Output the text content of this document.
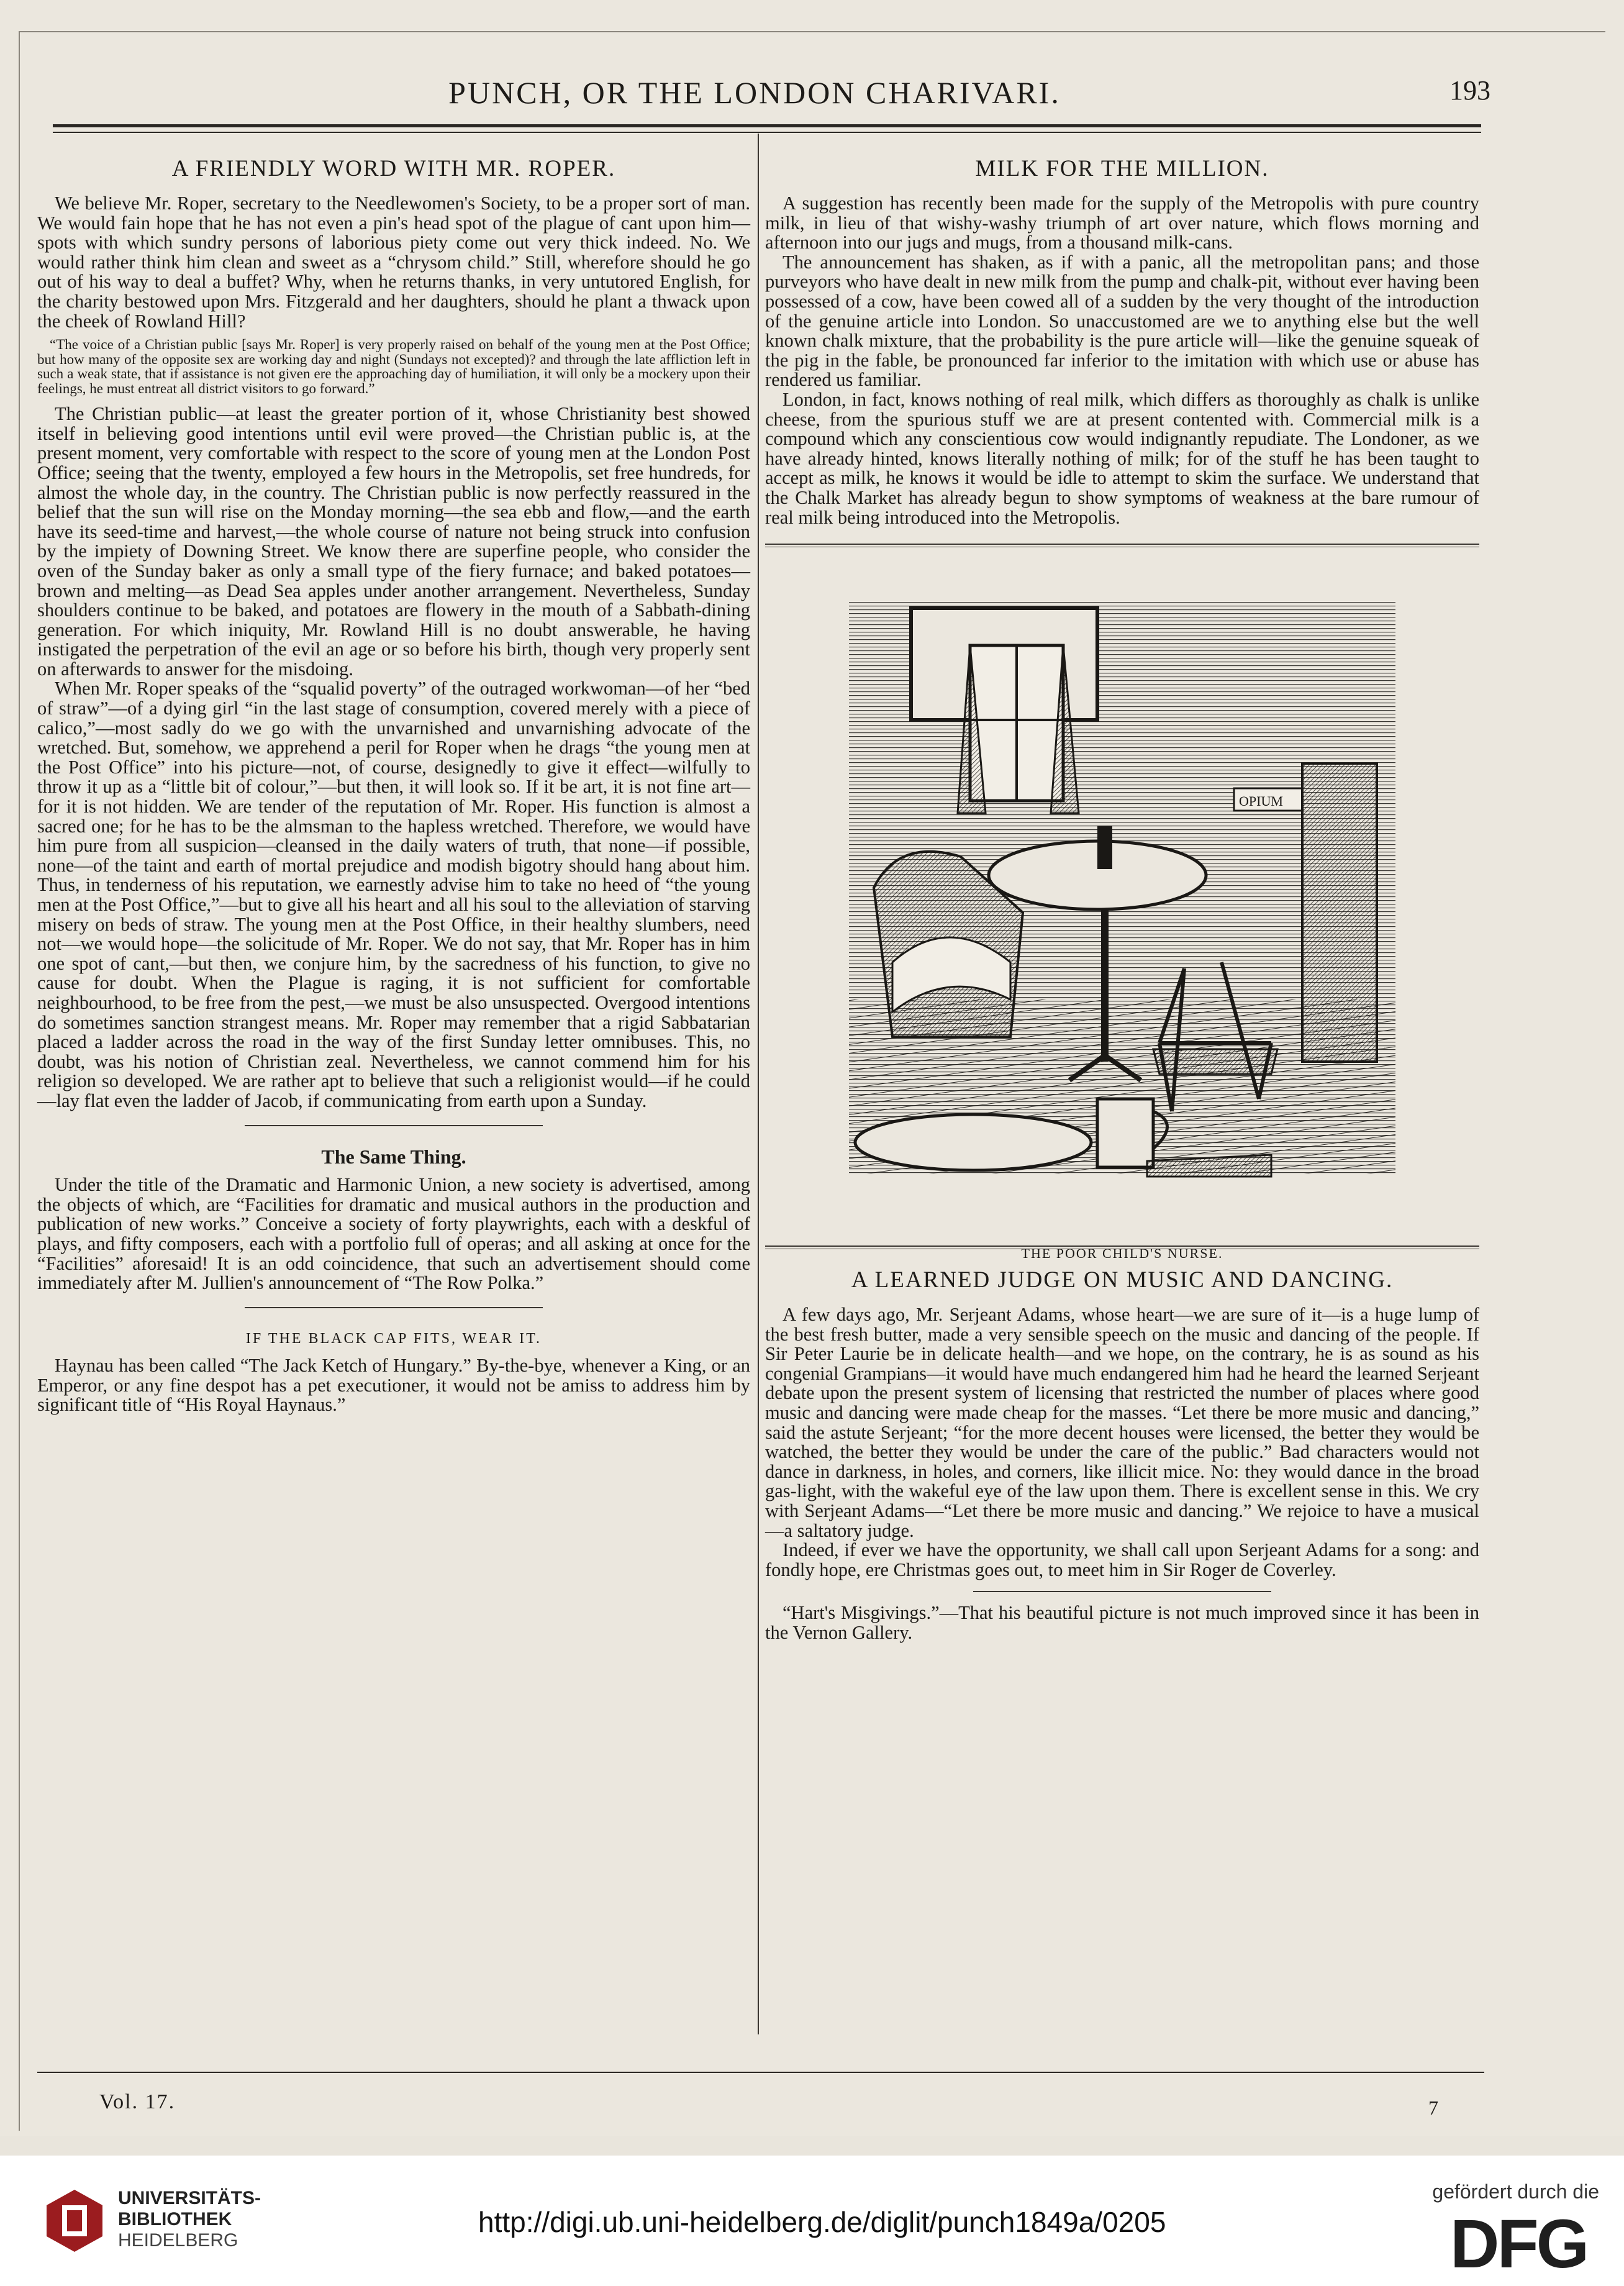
PUNCH, OR THE LONDON CHARIVARI.	193
A FRIENDLY WORD WITH MR. ROPER.

We believe Mr. Roper, secretary to the Needlewomen's Society, to be a proper sort of man. We would fain hope that he has not even a pin's head spot of the plague of cant upon him—spots with which sundry persons of laborious piety come out very thick indeed. No. We would rather think him clean and sweet as a “chrysom child.” Still, wherefore should he go out of his way to deal a buffet? Why, when he returns thanks, in very untutored English, for the charity bestowed upon Mrs. Fitzgerald and her daughters, should he plant a thwack upon the cheek of Rowland Hill?

“The voice of a Christian public [says Mr. Roper] is very properly raised on behalf of the young men at the Post Office; but how many of the opposite sex are working day and night (Sundays not excepted)? and through the late affliction left in such a weak state, that if assistance is not given ere the approaching day of humiliation, it will only be a mockery upon their feelings, he must entreat all district visitors to go forward.”

The Christian public—at least the greater portion of it, whose Christianity best showed itself in believing good intentions until evil were proved—the Christian public is, at the present moment, very comfortable with respect to the score of young men at the London Post Office; seeing that the twenty, employed a few hours in the Metropolis, set free hundreds, for almost the whole day, in the country. The Christian public is now perfectly reassured in the belief that the sun will rise on the Monday morning—the sea ebb and flow,—and the earth have its seed-time and harvest,—the whole course of nature not being struck into confusion by the impiety of Downing Street. We know there are superfine people, who consider the oven of the Sunday baker as only a small type of the fiery furnace; and baked potatoes—brown and melting—as Dead Sea apples under another arrangement. Nevertheless, Sunday shoulders continue to be baked, and potatoes are flowery in the mouth of a Sabbath-dining generation. For which iniquity, Mr. Rowland Hill is no doubt answerable, he having instigated the perpetration of the evil an age or so before his birth, though very properly sent on afterwards to answer for the misdoing.

When Mr. Roper speaks of the “squalid poverty” of the outraged workwoman—of her “bed of straw”—of a dying girl “in the last stage of consumption, covered merely with a piece of calico,”—most sadly do we go with the unvarnished and unvarnishing advocate of the wretched. But, somehow, we apprehend a peril for Roper when he drags “the young men at the Post Office” into his picture—not, of course, designedly to give it effect—wilfully to throw it up as a “little bit of colour,”—but then, it will look so. If it be art, it is not fine art—for it is not hidden. We are tender of the reputation of Mr. Roper. His function is almost a sacred one; for he has to be the almsman to the hapless wretched. Therefore, we would have him pure from all suspicion—cleansed in the daily waters of truth, that none—if possible, none—of the taint and earth of mortal prejudice and modish bigotry should hang about him. Thus, in tenderness of his reputation, we earnestly advise him to take no heed of “the young men at the Post Office,”—but to give all his heart and all his soul to the alleviation of starving misery on beds of straw. The young men at the Post Office, in their healthy slumbers, need not—we would hope—the solicitude of Mr. Roper. We do not say, that Mr. Roper has in him one spot of cant,—but then, we conjure him, by the sacredness of his function, to give no cause for doubt. When the Plague is raging, it is not sufficient for comfortable neighbourhood, to be free from the pest,—we must be also unsuspected. Overgood intentions do sometimes sanction strangest means. Mr. Roper may remember that a rigid Sabbatarian placed a ladder across the road in the way of the first Sunday letter omnibuses. This, no doubt, was his notion of Christian zeal. Nevertheless, we cannot commend him for his religion so developed. We are rather apt to believe that such a religionist would—if he could—lay flat even the ladder of Jacob, if communicating from earth upon a Sunday.

The Same Thing.

Under the title of the Dramatic and Harmonic Union, a new society is advertised, among the objects of which, are “Facilities for dramatic and musical authors in the production and publication of new works.” Conceive a society of forty playwrights, each with a deskful of plays, and fifty composers, each with a portfolio full of operas; and all asking at once for the “Facilities” aforesaid! It is an odd coincidence, that such an advertisement should come immediately after M. Jullien's announcement of “The Row Polka.”

IF THE BLACK CAP FITS, WEAR IT.

Haynau has been called “The Jack Ketch of Hungary.” By-the-bye, whenever a King, or an Emperor, or any fine despot has a pet executioner, it would not be amiss to address him by significant title of “His Royal Haynaus.”

MILK FOR THE MILLION.

A suggestion has recently been made for the supply of the Metropolis with pure country milk, in lieu of that wishy-washy triumph of art over nature, which flows morning and afternoon into our jugs and mugs, from a thousand milk-cans.

The announcement has shaken, as if with a panic, all the metropolitan pans; and those purveyors who have dealt in new milk from the pump and chalk-pit, without ever having been possessed of a cow, have been cowed all of a sudden by the very thought of the introduction of the genuine article into London. So unaccustomed are we to anything else but the well known chalk mixture, that the probability is the pure article will—like the genuine squeak of the pig in the fable, be pronounced far inferior to the imitation with which use or abuse has rendered us familiar.

London, in fact, knows nothing of real milk, which differs as thoroughly as chalk is unlike cheese, from the spurious stuff we are at present contented with. Commercial milk is a compound which any conscientious cow would indignantly repudiate. The Londoner, as we have already hinted, knows literally nothing of milk; for of the stuff he has been taught to accept as milk, he knows it would be idle to attempt to skim the surface. We understand that the Chalk Market has already begun to show symptoms of weakness at the bare rumour of real milk being introduced into the Metropolis.

OPIUM
THE POOR CHILD'S NURSE.
A LEARNED JUDGE ON MUSIC AND DANCING.

A few days ago, Mr. Serjeant Adams, whose heart—we are sure of it—is a huge lump of the best fresh butter, made a very sensible speech on the music and dancing of the people. If Sir Peter Laurie be in delicate health—and we hope, on the contrary, he is as sound as his congenial Grampians—it would have much endangered him had he heard the learned Serjeant debate upon the present system of licensing that restricted the number of places where good music and dancing were made cheap for the masses. “Let there be more music and dancing,” said the astute Serjeant; “for the more decent houses were licensed, the better they would be watched, the better they would be under the care of the public.” Bad characters would not dance in darkness, in holes, and corners, like illicit mice. No: they would dance in the broad gas-light, with the wakeful eye of the law upon them. There is excellent sense in this. We cry with Serjeant Adams—“Let there be more music and dancing.” We rejoice to have a musical—a saltatory judge.

Indeed, if ever we have the opportunity, we shall call upon Serjeant Adams for a song: and fondly hope, ere Christmas goes out, to meet him in Sir Roger de Coverley.

“Hart's Misgivings.”—That his beautiful picture is not much improved since it has been in the Vernon Gallery.

Vol. 17.	7
UNIVERSITÄTS-
BIBLIOTHEK
HEIDELBERG
http://digi.ub.uni-heidelberg.de/diglit/punch1849a/0205
gefördert durch die
DFG
